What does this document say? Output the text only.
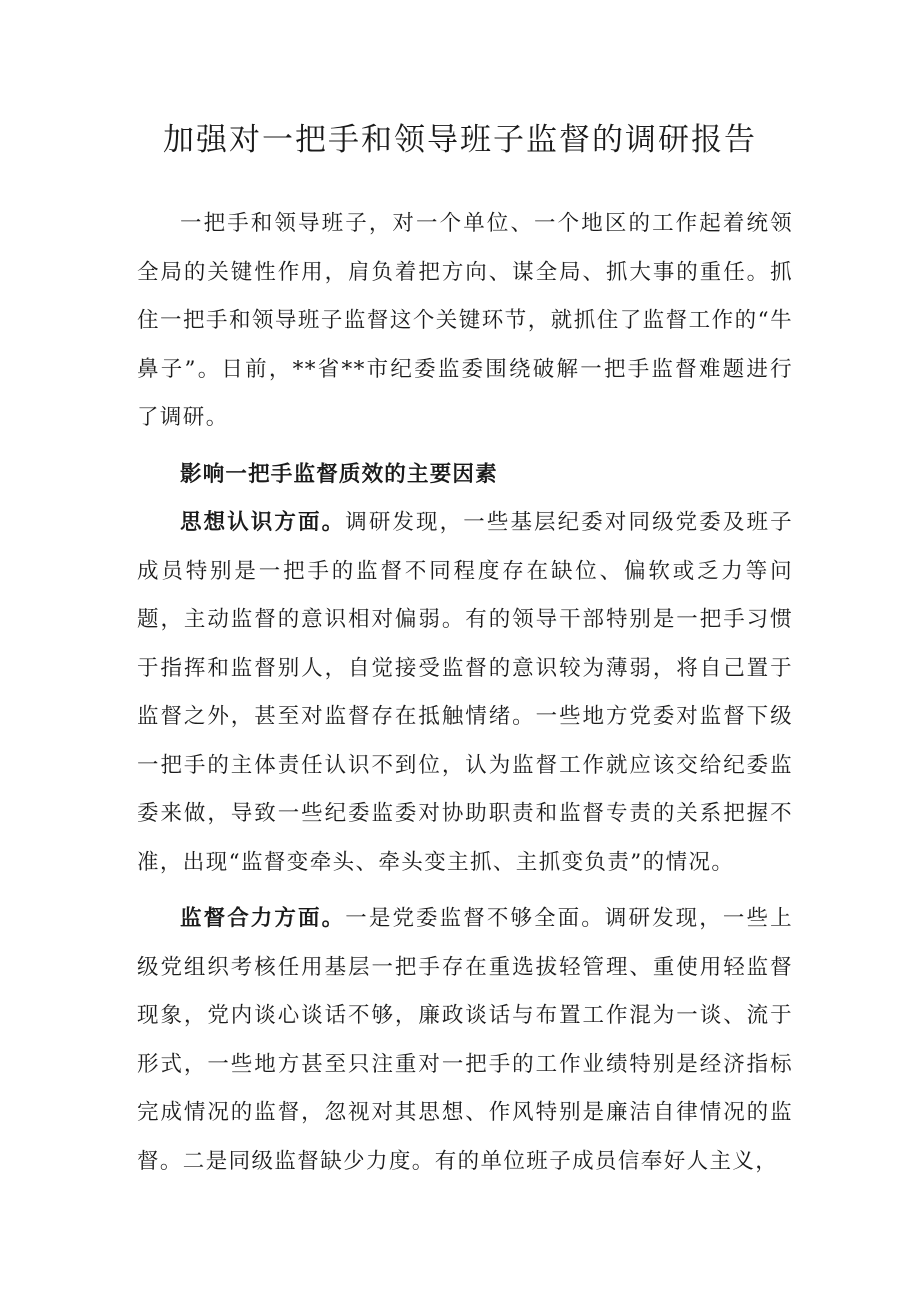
加强对一把手和领导班子监督的调研报告

一把手和领导班子，对一个单位、一个地区的工作起着统领全局的关键性作用，肩负着把方向、谋全局、抓大事的重任。抓住一把手和领导班子监督这个关键环节，就抓住了监督工作的“牛鼻子”。日前，**省**市纪委监委围绕破解一把手监督难题进行了调研。

影响一把手监督质效的主要因素

思想认识方面。调研发现，一些基层纪委对同级党委及班子成员特别是一把手的监督不同程度存在缺位、偏软或乏力等问题，主动监督的意识相对偏弱。有的领导干部特别是一把手习惯于指挥和监督别人，自觉接受监督的意识较为薄弱，将自己置于监督之外，甚至对监督存在抵触情绪。一些地方党委对监督下级一把手的主体责任认识不到位，认为监督工作就应该交给纪委监委来做，导致一些纪委监委对协助职责和监督专责的关系把握不准，出现“监督变牵头、牵头变主抓、主抓变负责”的情况。

监督合力方面。一是党委监督不够全面。调研发现，一些上级党组织考核任用基层一把手存在重选拔轻管理、重使用轻监督现象，党内谈心谈话不够，廉政谈话与布置工作混为一谈、流于形式，一些地方甚至只注重对一把手的工作业绩特别是经济指标完成情况的监督，忽视对其思想、作风特别是廉洁自律情况的监督。二是同级监督缺少力度。有的单位班子成员信奉好人主义，
